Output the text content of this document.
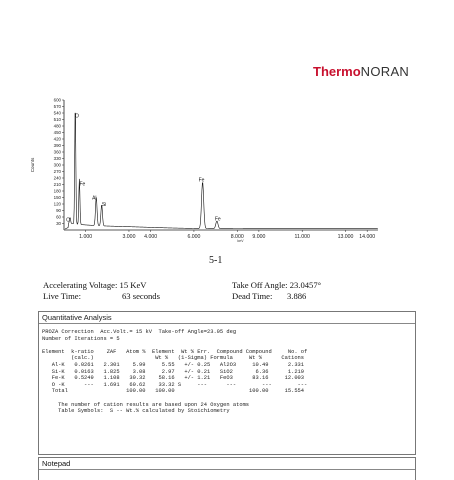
ThermoNORAN
30
60
90
120
150
180
210
240
270
300
330
360
390
420
450
480
510
540
570
600
1.000	3.000 4.000	6.000	8.000 9.000	11.000	13.000 14.000
keV
Counts
C
O
Fe
Al
Si
Fe
Fe
5-1
Accelerating Voltage: 15 KeV
Live Time:	63 seconds
Take Off Angle: 23.0457°
Dead Time: 3.886
Quantitative Analysis
PROZA Correction  Acc.Volt.= 15 kV  Take-off Angle=23.05 deg
Number of Iterations = 5

Element  k-ratio    ZAF   Atom %  Element  Wt % Err.  Compound Compound     No. of
(calc.)                   Wt %   (1-Sigma) Formula     Wt %      Cations
Al-K   0.0261   2.301    5.99     5.55   +/- 0.25   Al2O3     10.49      2.331
Si-K   0.0163   1.825    3.08     2.97   +/- 0.21   SiO2       6.36      1.219
Fe-K   0.5249   1.108   30.32    58.16   +/- 1.21   FeO3      83.16     12.003
O -K      ---   1.691   60.62    33.32 S     ---      ---        ---        ---
Total                  100.00   100.00                       100.00     15.554

The number of cation results are based upon 24 Oxygen atoms
Table Symbols:  S -- Wt.% calculated by Stoichiometry
Notepad
